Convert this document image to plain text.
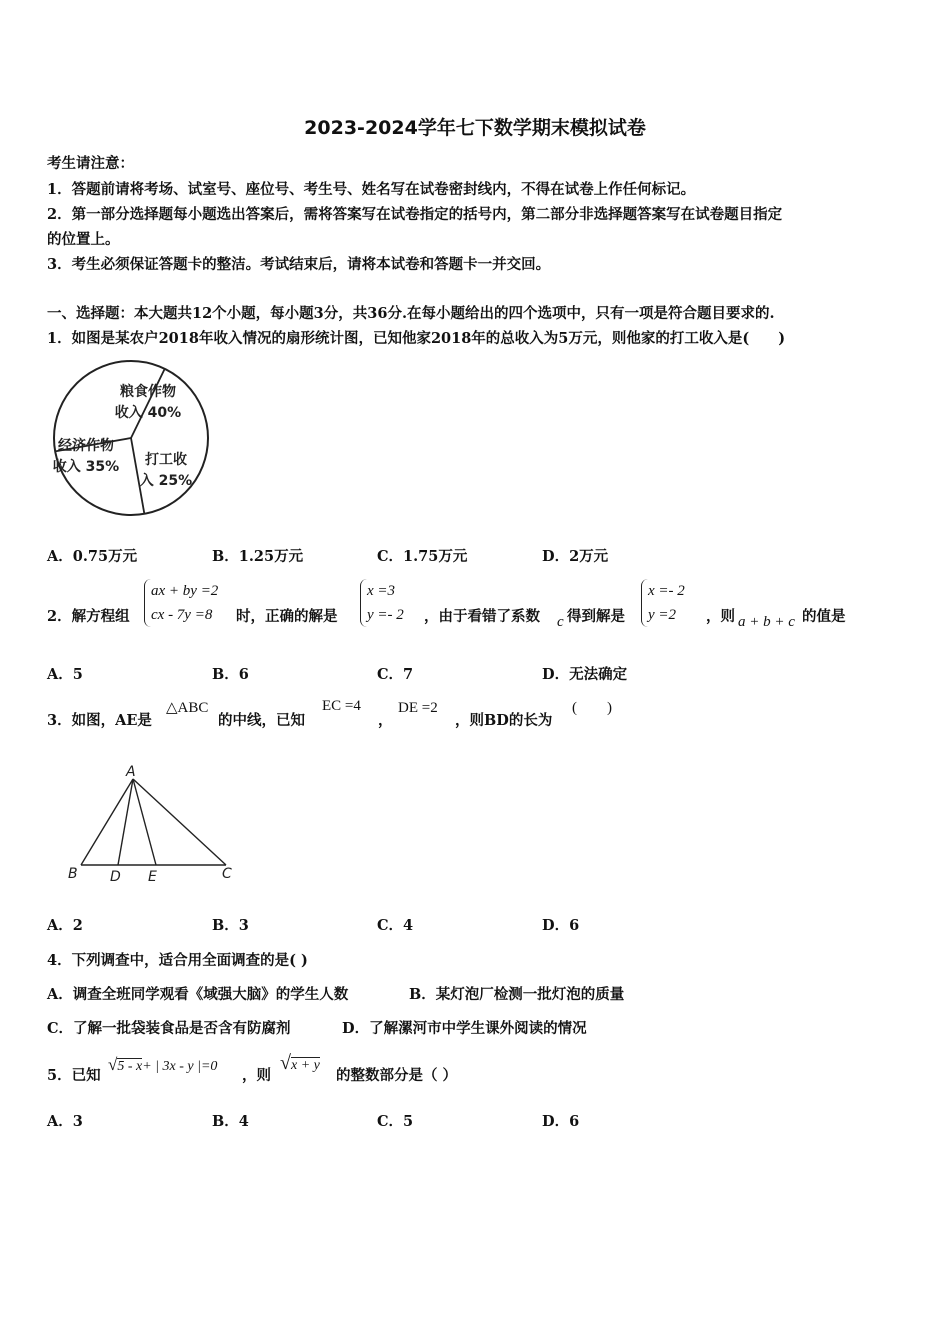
2023-2024学年七下数学期末模拟试卷
考生请注意：
1．答题前请将考场、试室号、座位号、考生号、姓名写在试卷密封线内，不得在试卷上作任何标记。
2．第一部分选择题每小题选出答案后，需将答案写在试卷指定的括号内，第二部分非选择题答案写在试卷题目指定
的位置上。
3．考生必须保证答题卡的整洁。考试结束后，请将本试卷和答题卡一并交回。
一、选择题：本大题共12个小题，每小题3分，共36分.在每小题给出的四个选项中，只有一项是符合题目要求的.
1．如图是某农户2018年收入情况的扇形统计图，已知他家2018年的总收入为5万元，则他家的打工收入是(　　)
粮食作物
收入 40%
经济作物
收入 35% 打工收
入 25%
A．0.75万元	B．1.25万元	C．1.75万元	D．2万元
2．解方程组
ax + by =2
cx - 7y =8	时，正确的解是
x =3
y =- 2 ，由于看错了系数 c 得到解是
x =- 2
y =2	，则 a + b + c 的值是
A．5	B．6	C．7	D．无法确定
3．如图，AE是
△ABC
的中线，已知
EC =4
，
DE =2
，则BD的长为
(　　)
A
B D E	C
A．2	B．3	C．4	D．6
4．下列调查中，适合用全面调查的是( )
A．调查全班同学观看《域强大脑》的学生人数	B．某灯泡厂检测一批灯泡的质量
C．了解一批袋装食品是否含有防腐剂	D．了解漯河市中学生课外阅读的情况
5．已知
√5 - x+ | 3x - y |=0
，则
√x + y
的整数部分是（ ）
A．3	B．4	C．5	D．6
